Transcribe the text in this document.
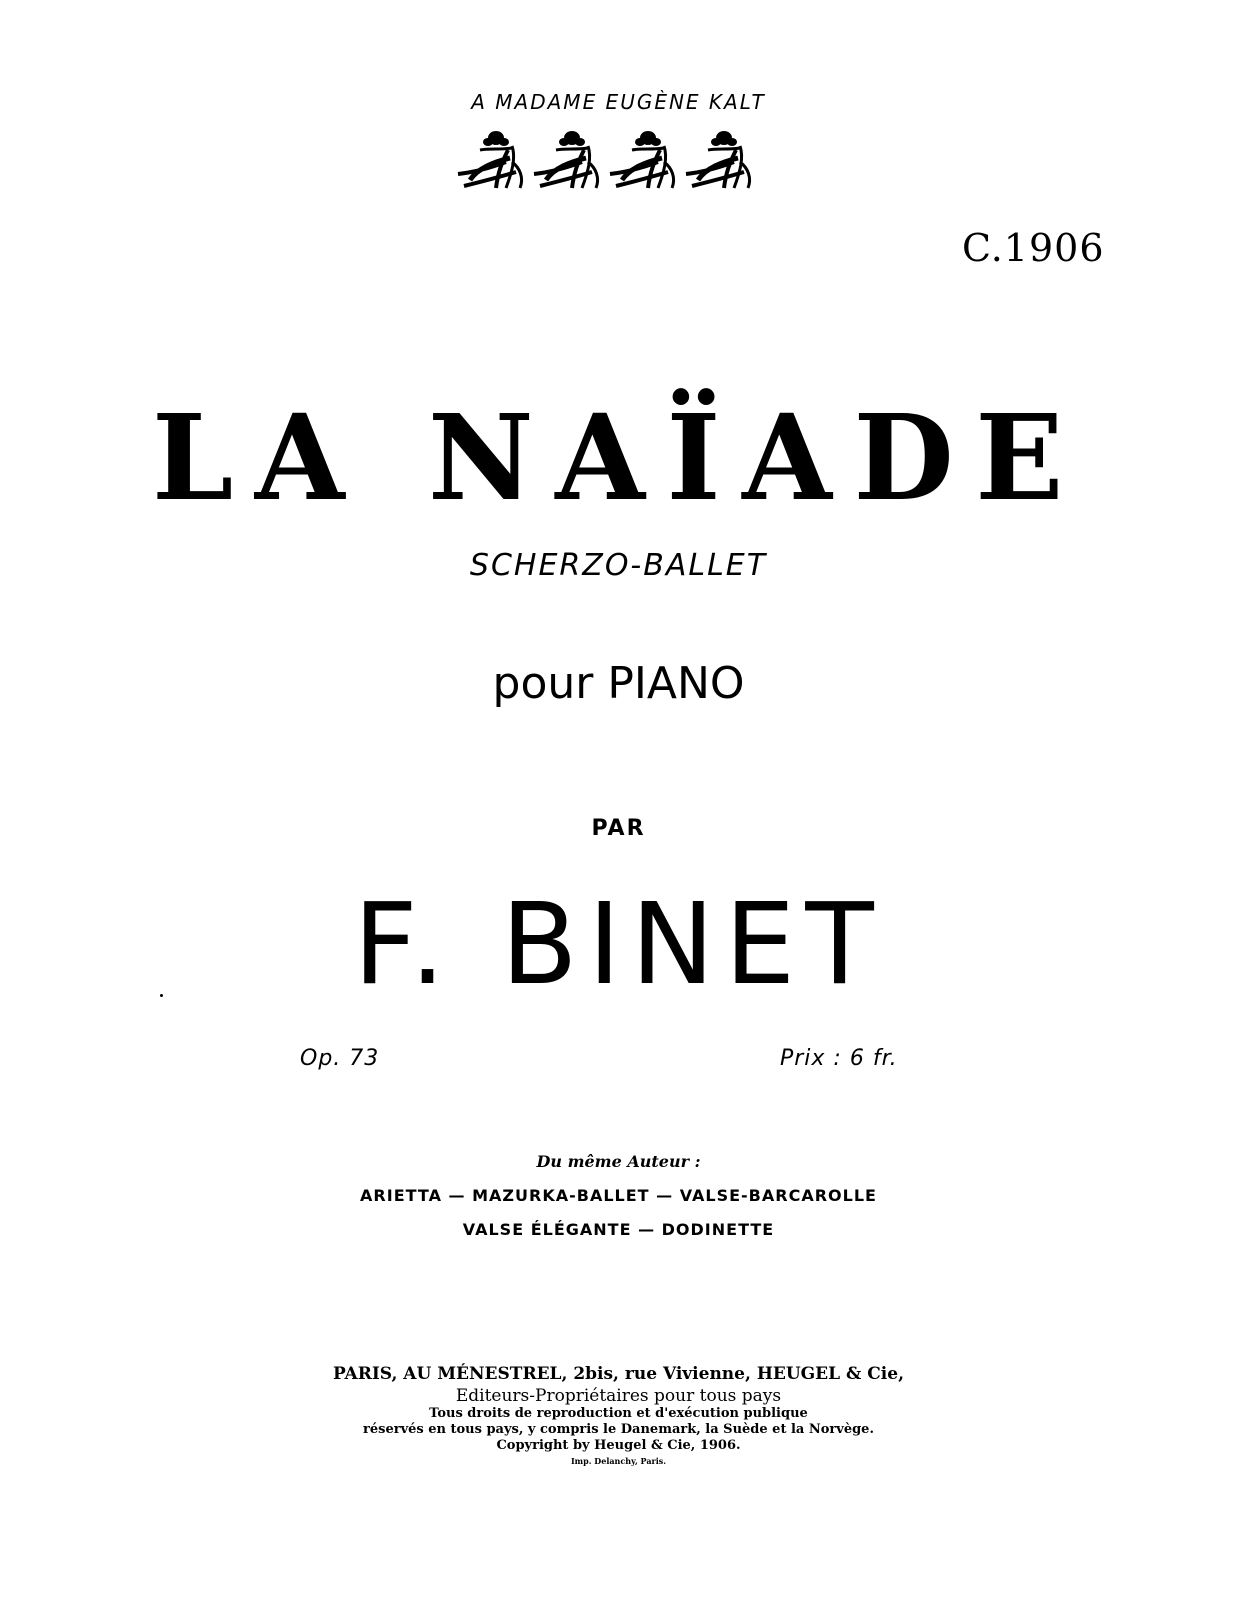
A MADAME EUGÈNE KALT
C.1906
LA NAÏADE
SCHERZO-BALLET
pour PIANO
PAR
F. BINET
Op. 73	Prix : 6 fr.
Du même Auteur :
ARIETTA — MAZURKA-BALLET — VALSE-BARCAROLLE
VALSE ÉLÉGANTE — DODINETTE
PARIS, AU MÉNESTREL, 2bis, rue Vivienne, HEUGEL & Cie,
Editeurs-Propriétaires pour tous pays
Tous droits de reproduction et d'exécution publique
réservés en tous pays, y compris le Danemark, la Suède et la Norvège.
Copyright by Heugel & Cie, 1906.
Imp. Delanchy, Paris.
